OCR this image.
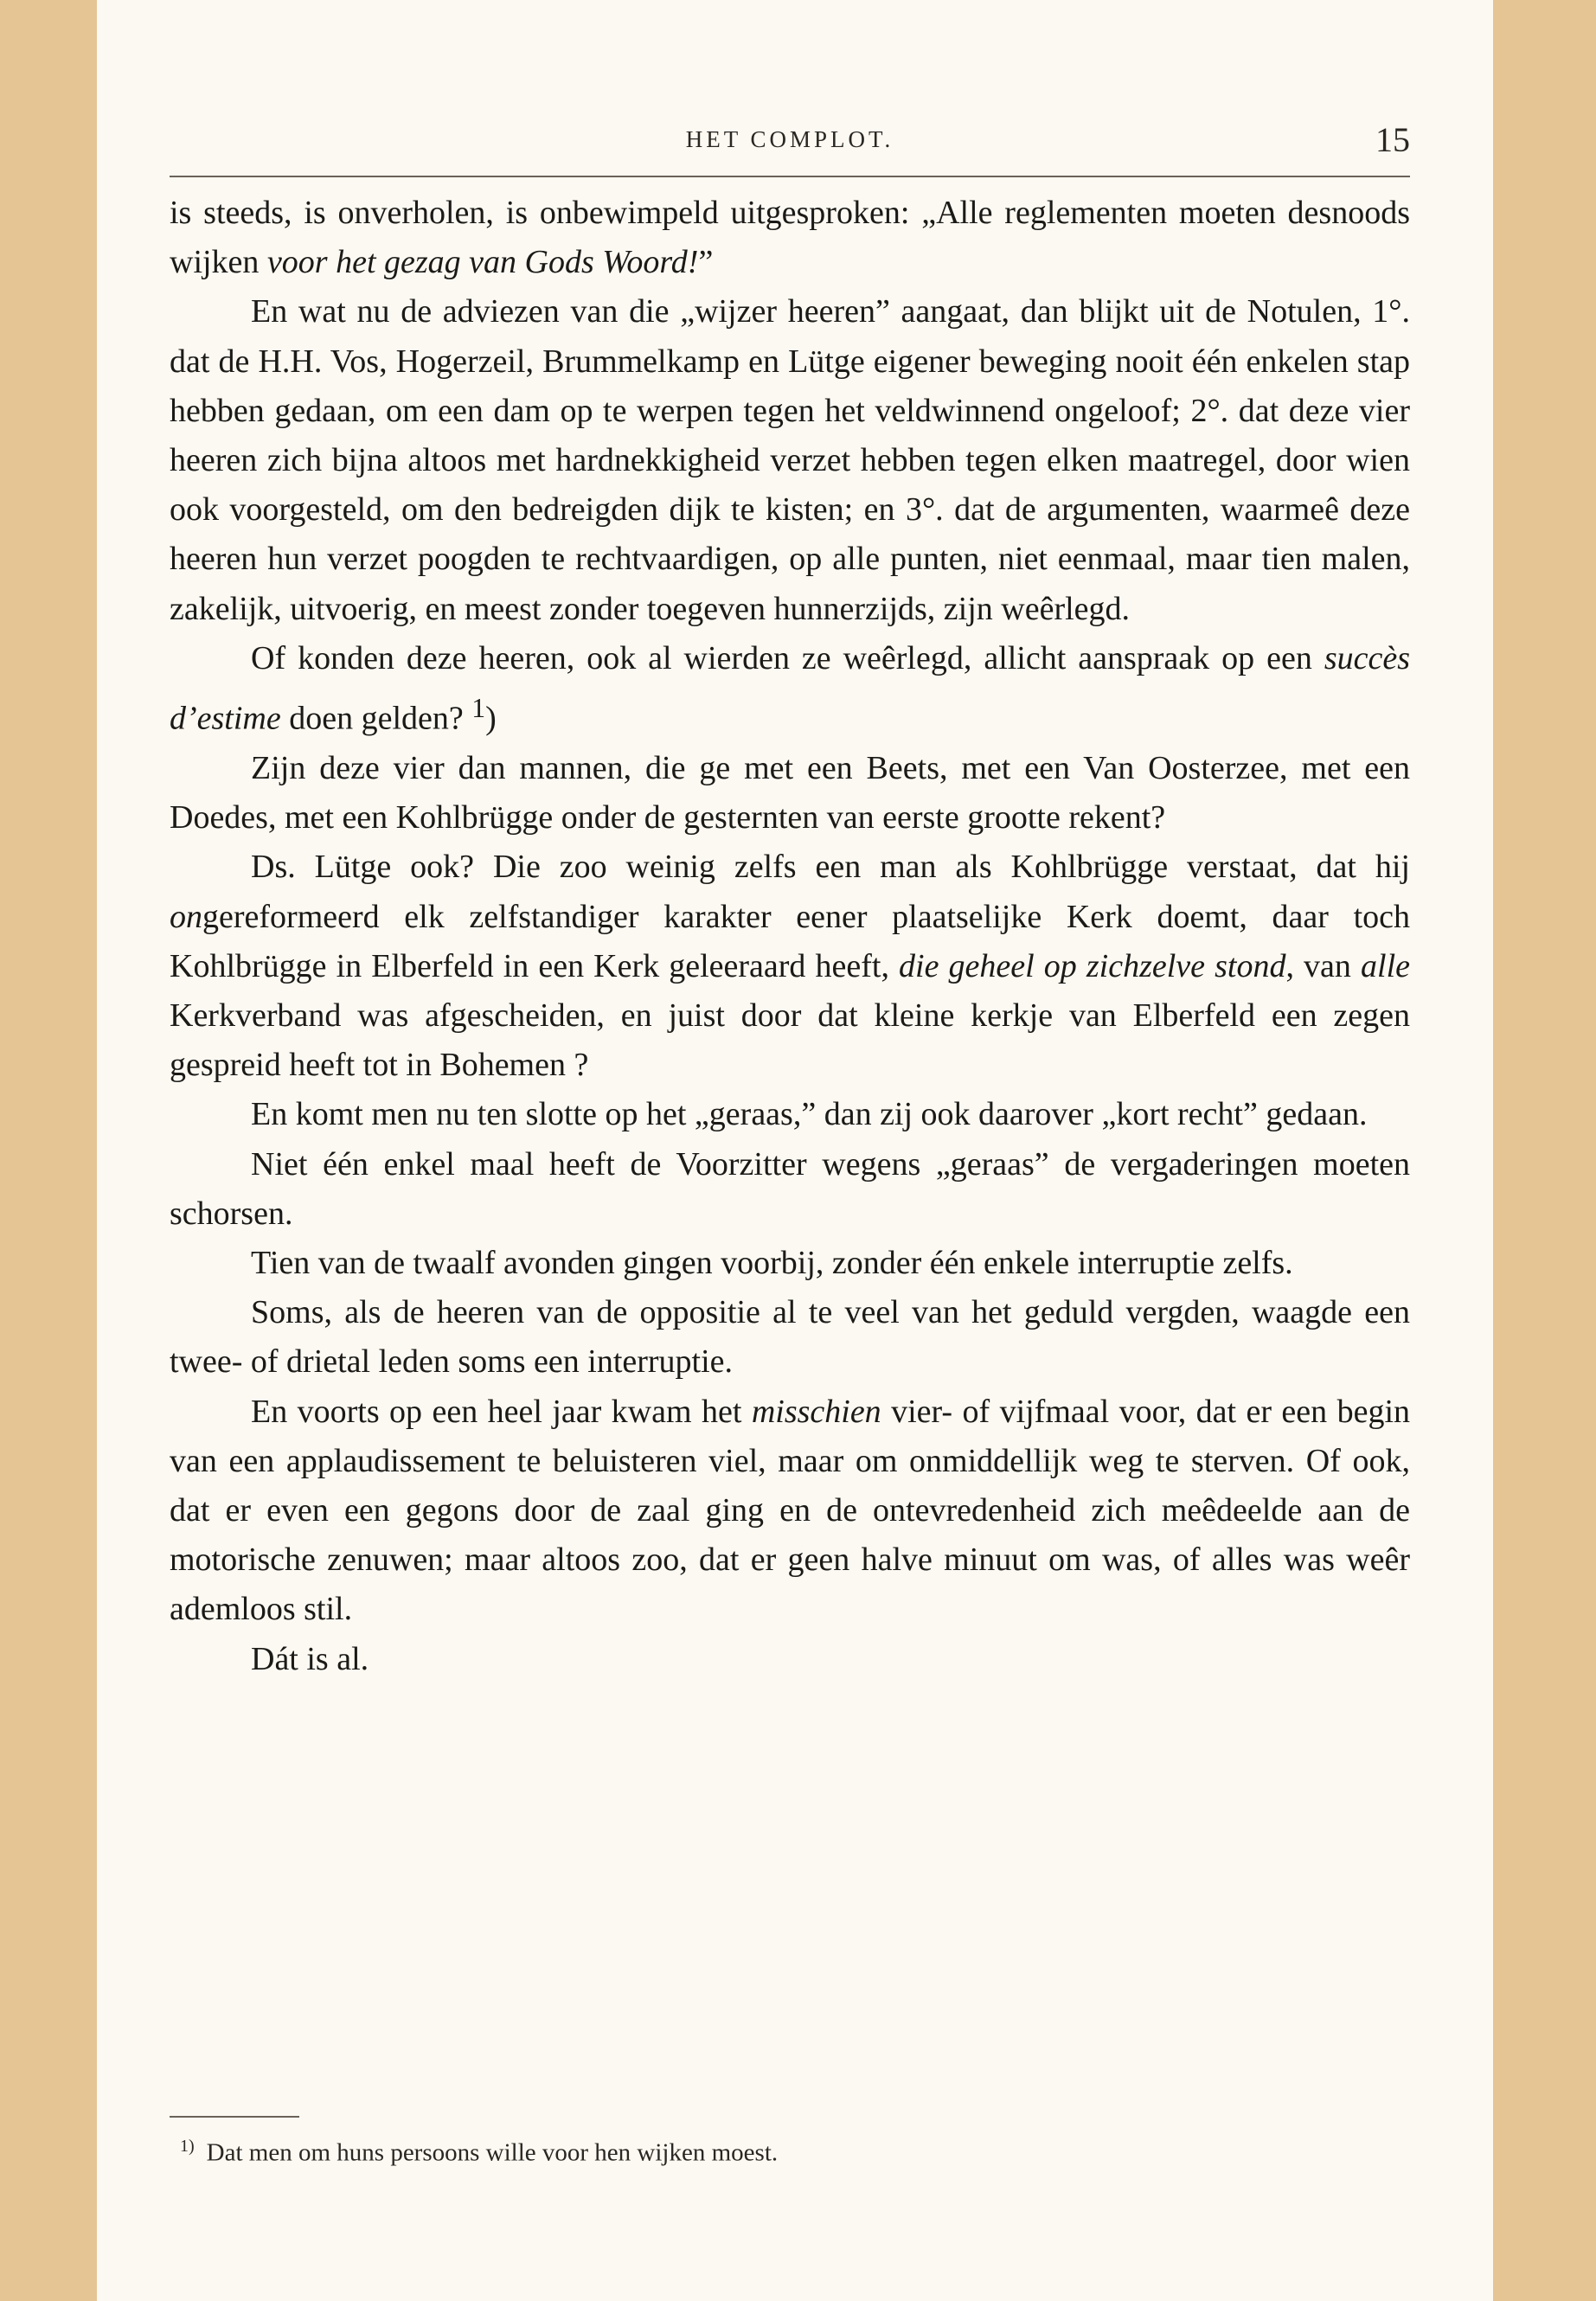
HET COMPLOT.	15

is steeds, is onverholen, is onbewimpeld uitgesproken: „Alle reglementen moeten desnoods wijken voor het gezag van Gods Woord!”

En wat nu de adviezen van die „wijzer heeren” aangaat, dan blijkt uit de Notulen, 1°. dat de H.H. Vos, Hogerzeil, Brummelkamp en Lütge eigener beweging nooit één enkelen stap hebben gedaan, om een dam op te werpen tegen het veldwinnend ongeloof; 2°. dat deze vier heeren zich bijna altoos met hardnekkigheid verzet hebben tegen elken maatregel, door wien ook voorgesteld, om den bedreigden dijk te kisten; en 3°. dat de argumenten, waarmeê deze heeren hun verzet poogden te rechtvaardigen, op alle punten, niet eenmaal, maar tien malen, zakelijk, uitvoerig, en meest zonder toegeven hunnerzijds, zijn weêrlegd.

Of konden deze heeren, ook al wierden ze weêrlegd, allicht aanspraak op een succès d’estime doen gelden? $^1$)

Zijn deze vier dan mannen, die ge met een Beets, met een Van Oosterzee, met een Doedes, met een Kohlbrügge onder de gesternten van eerste grootte rekent?

Ds. Lütge ook? Die zoo weinig zelfs een man als Kohlbrügge verstaat, dat hij ongereformeerd elk zelfstandiger karakter eener plaatselijke Kerk doemt, daar toch Kohlbrügge in Elberfeld in een Kerk geleeraard heeft, die geheel op zichzelve stond, van alle Kerkverband was afgescheiden, en juist door dat kleine kerkje van Elberfeld een zegen gespreid heeft tot in Bohemen ?

En komt men nu ten slotte op het „geraas,” dan zij ook daarover „kort recht” gedaan.

Niet één enkel maal heeft de Voorzitter wegens „geraas” de vergaderingen moeten schorsen.

Tien van de twaalf avonden gingen voorbij, zonder één enkele interruptie zelfs.

Soms, als de heeren van de oppositie al te veel van het geduld vergden, waagde een twee- of drietal leden soms een interruptie.

En voorts op een heel jaar kwam het misschien vier- of vijfmaal voor, dat er een begin van een applaudissement te beluisteren viel, maar om onmiddellijk weg te sterven. Of ook, dat er even een gegons door de zaal ging en de ontevredenheid zich meêdeelde aan de motorische zenuwen; maar altoos zoo, dat er geen halve minuut om was, of alles was weêr ademloos stil.

Dát is al.

$^{1)}$ Dat men om huns persoons wille voor hen wijken moest.
